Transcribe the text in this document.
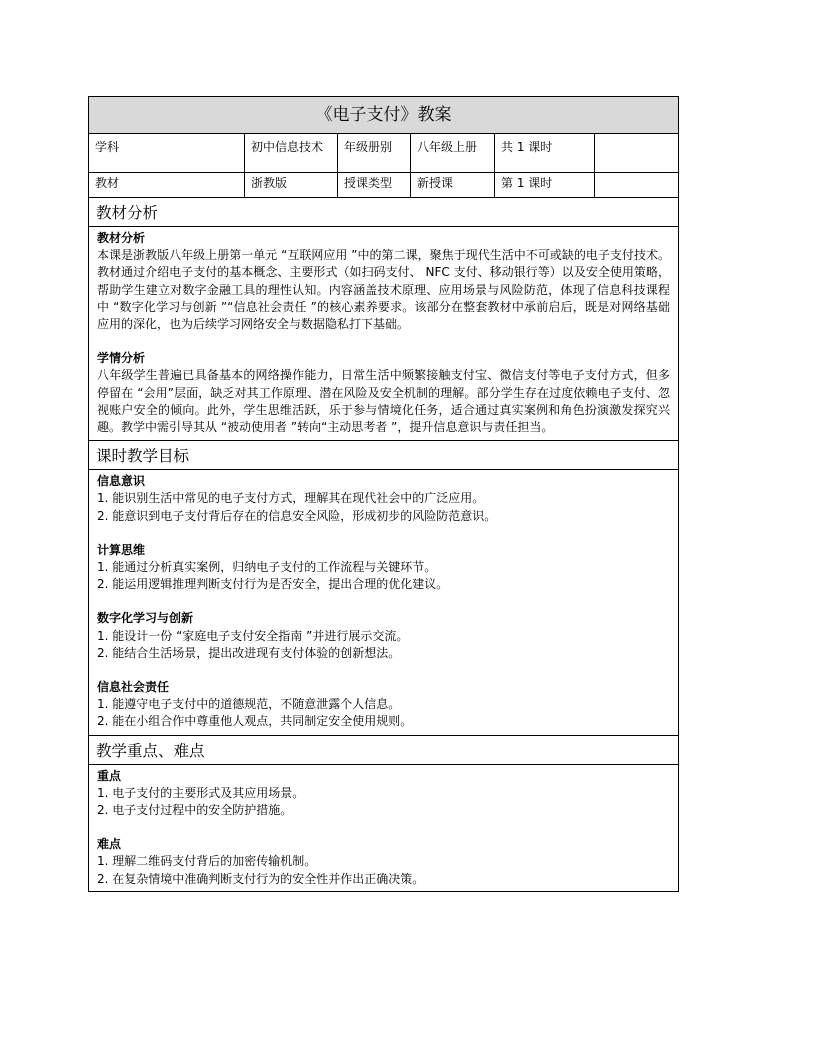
《电子支付》教案
学科	初中信息技术	年级册别	八年级上册	共 1 课时
教材	浙教版	授课类型	新授课	第 1 课时
教材分析
教材分析
本课是浙教版八年级上册第一单元 “互联网应用 ”中的第二课，聚焦于现代生活中不可或缺的电子支付技术。教材通过介绍电子支付的基本概念、主要形式（如扫码支付、 NFC 支付、移动银行等）以及安全使用策略，帮助学生建立对数字金融工具的理性认知。内容涵盖技术原理、应用场景与风险防范，体现了信息科技课程中 “数字化学习与创新 ”“信息社会责任 ”的核心素养要求。该部分在整套教材中承前启后，既是对网络基础应用的深化，也为后续学习网络安全与数据隐私打下基础。
学情分析
八年级学生普遍已具备基本的网络操作能力，日常生活中频繁接触支付宝、微信支付等电子支付方式，但多停留在 “会用”层面，缺乏对其工作原理、潜在风险及安全机制的理解。部分学生存在过度依赖电子支付、忽视账户安全的倾向。此外，学生思维活跃，乐于参与情境化任务，适合通过真实案例和角色扮演激发探究兴趣。教学中需引导其从 “被动使用者 ”转向“主动思考者 ”，提升信息意识与责任担当。
课时教学目标
信息意识
1. 能识别生活中常见的电子支付方式，理解其在现代社会中的广泛应用。
2. 能意识到电子支付背后存在的信息安全风险，形成初步的风险防范意识。
计算思维
1. 能通过分析真实案例，归纳电子支付的工作流程与关键环节。
2. 能运用逻辑推理判断支付行为是否安全，提出合理的优化建议。
数字化学习与创新
1. 能设计一份 “家庭电子支付安全指南 ”并进行展示交流。
2. 能结合生活场景，提出改进现有支付体验的创新想法。
信息社会责任
1. 能遵守电子支付中的道德规范，不随意泄露个人信息。
2. 能在小组合作中尊重他人观点，共同制定安全使用规则。
教学重点、难点
重点
1. 电子支付的主要形式及其应用场景。
2. 电子支付过程中的安全防护措施。
难点
1. 理解二维码支付背后的加密传输机制。
2. 在复杂情境中准确判断支付行为的安全性并作出正确决策。
